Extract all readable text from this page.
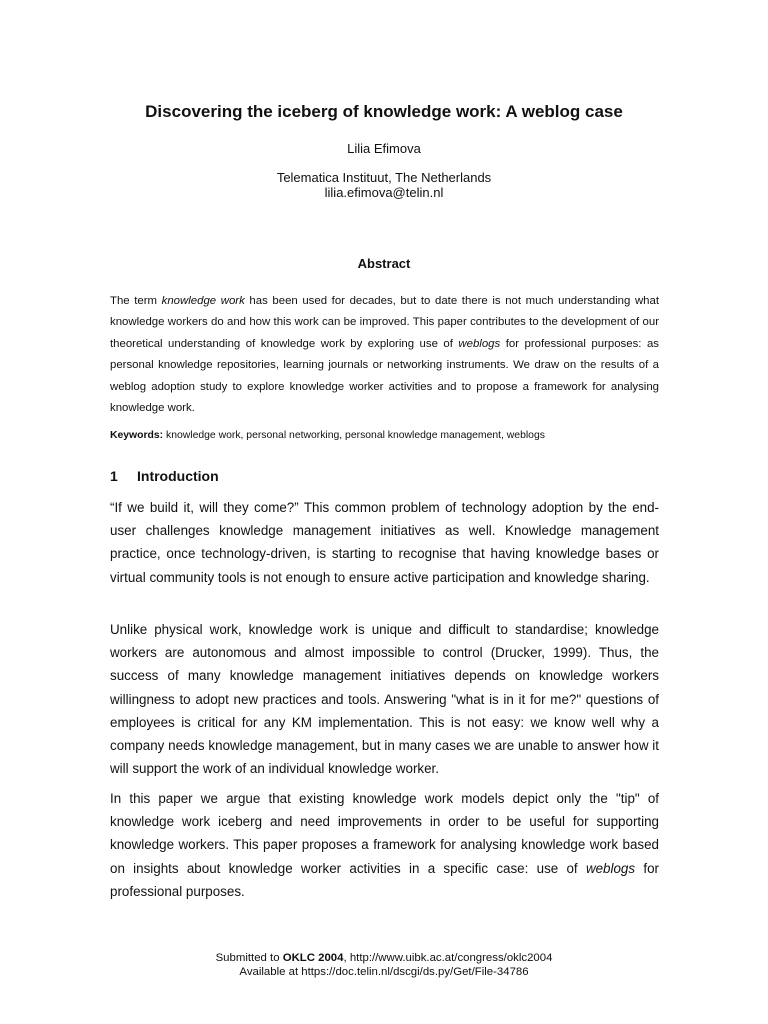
Discovering the iceberg of knowledge work: A weblog case
Lilia Efimova
Telematica Instituut, The Netherlands
lilia.efimova@telin.nl
Abstract
The term knowledge work has been used for decades, but to date there is not much understanding what knowledge workers do and how this work can be improved. This paper contributes to the development of our theoretical understanding of knowledge work by exploring use of weblogs for professional purposes: as personal knowledge repositories, learning journals or networking instruments. We draw on the results of a weblog adoption study to explore knowledge worker activities and to propose a framework for analysing knowledge work.
Keywords: knowledge work, personal networking, personal knowledge management, weblogs
1 Introduction

“If we build it, will they come?” This common problem of technology adoption by the end-user challenges knowledge management initiatives as well. Knowledge management practice, once technology-driven, is starting to recognise that having knowledge bases or virtual community tools is not enough to ensure active participation and knowledge sharing.

Unlike physical work, knowledge work is unique and difficult to standardise; knowledge workers are autonomous and almost impossible to control (Drucker, 1999). Thus, the success of many knowledge management initiatives depends on knowledge workers willingness to adopt new practices and tools. Answering "what is in it for me?" questions of employees is critical for any KM implementation. This is not easy: we know well why a company needs knowledge management, but in many cases we are unable to answer how it will support the work of an individual knowledge worker.

In this paper we argue that existing knowledge work models depict only the "tip" of knowledge work iceberg and need improvements in order to be useful for supporting knowledge workers. This paper proposes a framework for analysing knowledge work based on insights about knowledge worker activities in a specific case: use of weblogs for professional purposes.

Submitted to OKLC 2004, http://www.uibk.ac.at/congress/oklc2004
Available at https://doc.telin.nl/dscgi/ds.py/Get/File-34786
